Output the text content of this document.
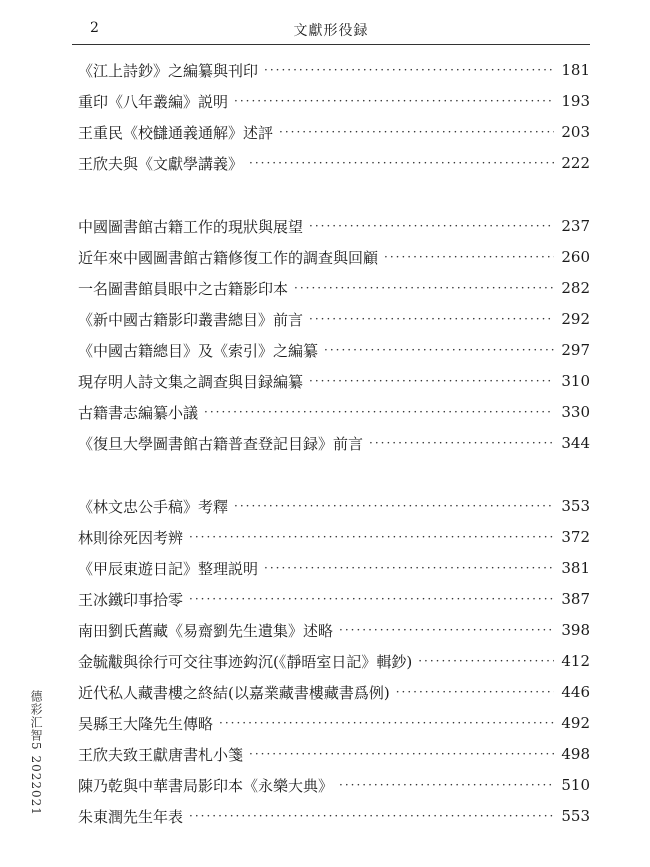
2	文獻形役録
《江上詩鈔》之編纂與刊印 ·····	181
重印《八年叢編》説明 ·····	193
王重民《校讎通義通解》述評 ·····	203
王欣夫與《文獻學講義》 ·····	222
中國圖書館古籍工作的現狀與展望 ·····	237
近年來中國圖書館古籍修復工作的調查與回顧 ·····	260
一名圖書館員眼中之古籍影印本 ·····	282
《新中國古籍影印叢書總目》前言 ·····	292
《中國古籍總目》及《索引》之編纂 ·····	297
現存明人詩文集之調查與目録編纂 ·····	310
古籍書志編纂小議 ·····	330
《復旦大學圖書館古籍普查登記目録》前言 ·····	344
《林文忠公手稿》考釋 ·····	353
林則徐死因考辨 ·····	372
《甲辰東遊日記》整理説明 ·····	381
王冰鐵印事拾零 ·····	387
南田劉氏舊藏《易齋劉先生遺集》述略 ·····	398
金毓黻與徐行可交往事迹鈎沉(《靜晤室日記》輯鈔) ·····	412
近代私人藏書樓之終結(以嘉業藏書樓藏書爲例) ·····	446
吴縣王大隆先生傳略 ·····	492
王欣夫致王獻唐書札小箋 ·····	498
陳乃乾與中華書局影印本《永樂大典》 ·····	510
朱東潤先生年表 ·····	553
德彩汇智5 2022021
